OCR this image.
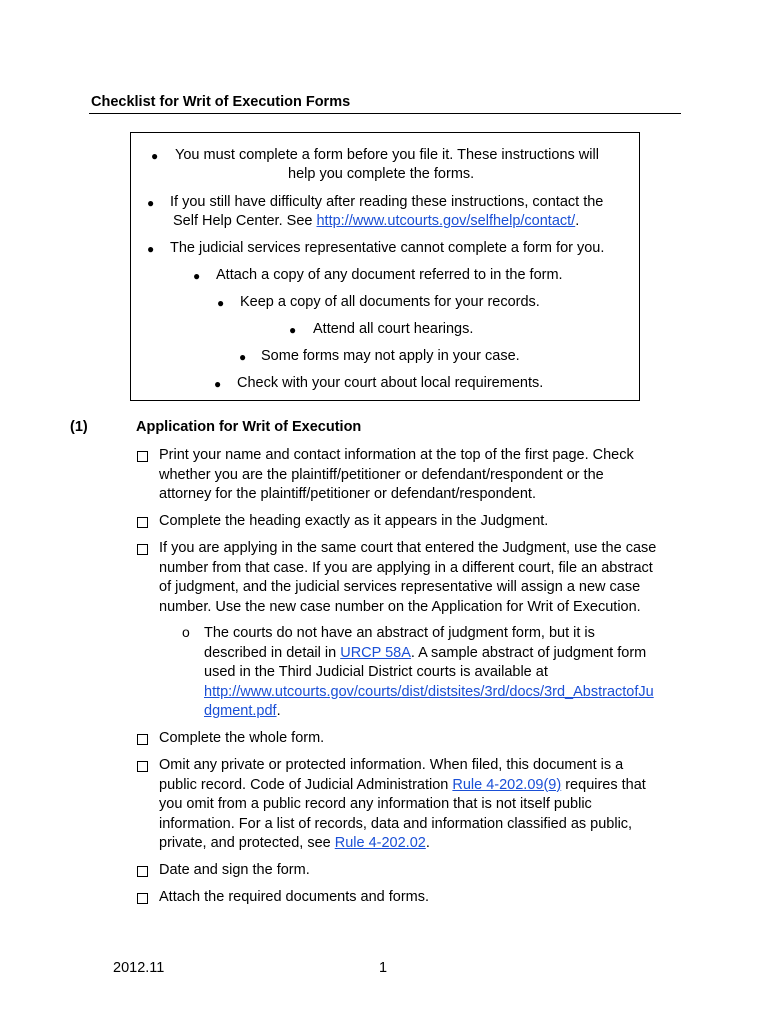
Checklist for Writ of Execution Forms
● You must complete a form before you file it. These instructions will
help you complete the forms.
● If you still have difficulty after reading these instructions, contact the
Self Help Center. See http://www.utcourts.gov/selfhelp/contact/.
● The judicial services representative cannot complete a form for you.
● Attach a copy of any document referred to in the form.
● Keep a copy of all documents for your records.
● Attend all court hearings.
● Some forms may not apply in your case.
● Check with your court about local requirements.
(1)	Application for Writ of Execution
Print your name and contact information at the top of the first page. Check
whether you are the plaintiff/petitioner or defendant/respondent or the
attorney for the plaintiff/petitioner or defendant/respondent.
Complete the heading exactly as it appears in the Judgment.
If you are applying in the same court that entered the Judgment, use the case
number from that case. If you are applying in a different court, file an abstract
of judgment, and the judicial services representative will assign a new case
number. Use the new case number on the Application for Writ of Execution.
o The courts do not have an abstract of judgment form, but it is
described in detail in URCP 58A. A sample abstract of judgment form
used in the Third Judicial District courts is available at
http://www.utcourts.gov/courts/dist/distsites/3rd/docs/3rd_AbstractofJu
dgment.pdf.
Complete the whole form.
Omit any private or protected information. When filed, this document is a
public record. Code of Judicial Administration Rule 4-202.09(9) requires that
you omit from a public record any information that is not itself public
information. For a list of records, data and information classified as public,
private, and protected, see Rule 4-202.02.
Date and sign the form.
Attach the required documents and forms.
2012.11	1
